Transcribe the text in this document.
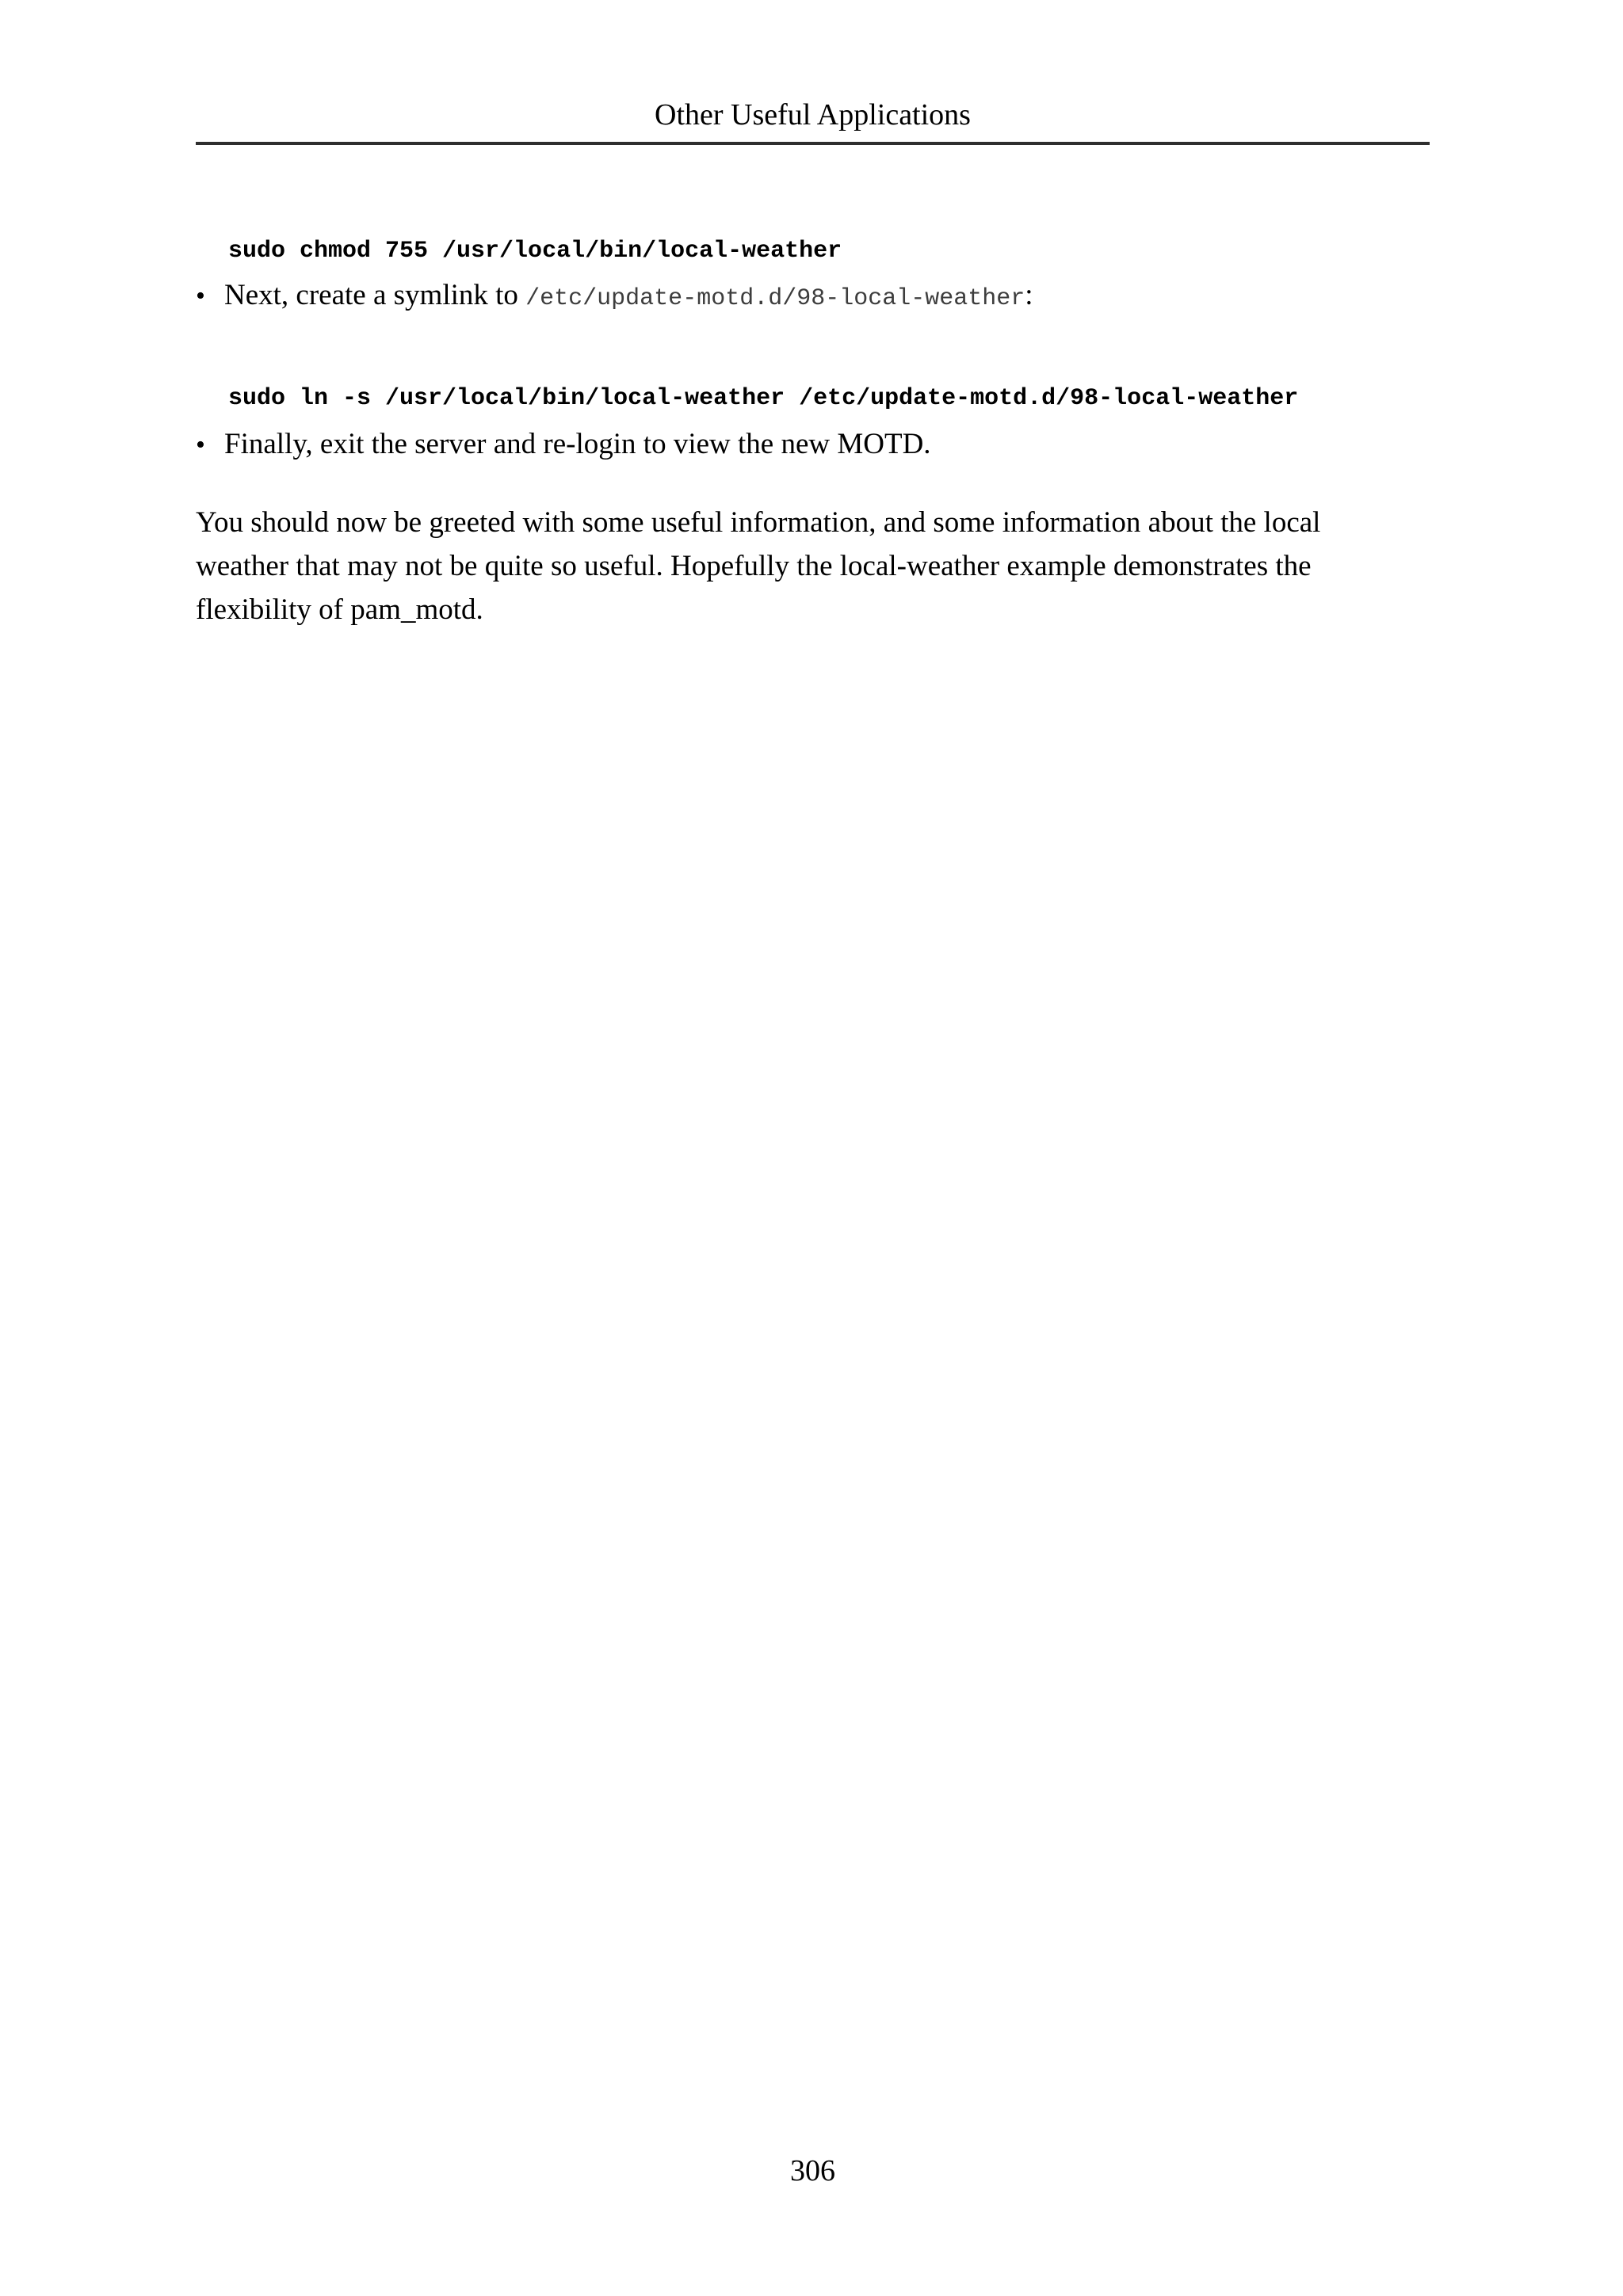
Other Useful Applications
sudo chmod 755 /usr/local/bin/local-weather
• Next, create a symlink to /etc/update-motd.d/98-local-weather:
sudo ln -s /usr/local/bin/local-weather /etc/update-motd.d/98-local-weather
• Finally, exit the server and re-login to view the new MOTD.
You should now be greeted with some useful information, and some information about the local
weather that may not be quite so useful. Hopefully the local-weather example demonstrates the
flexibility of pam_motd.
306
